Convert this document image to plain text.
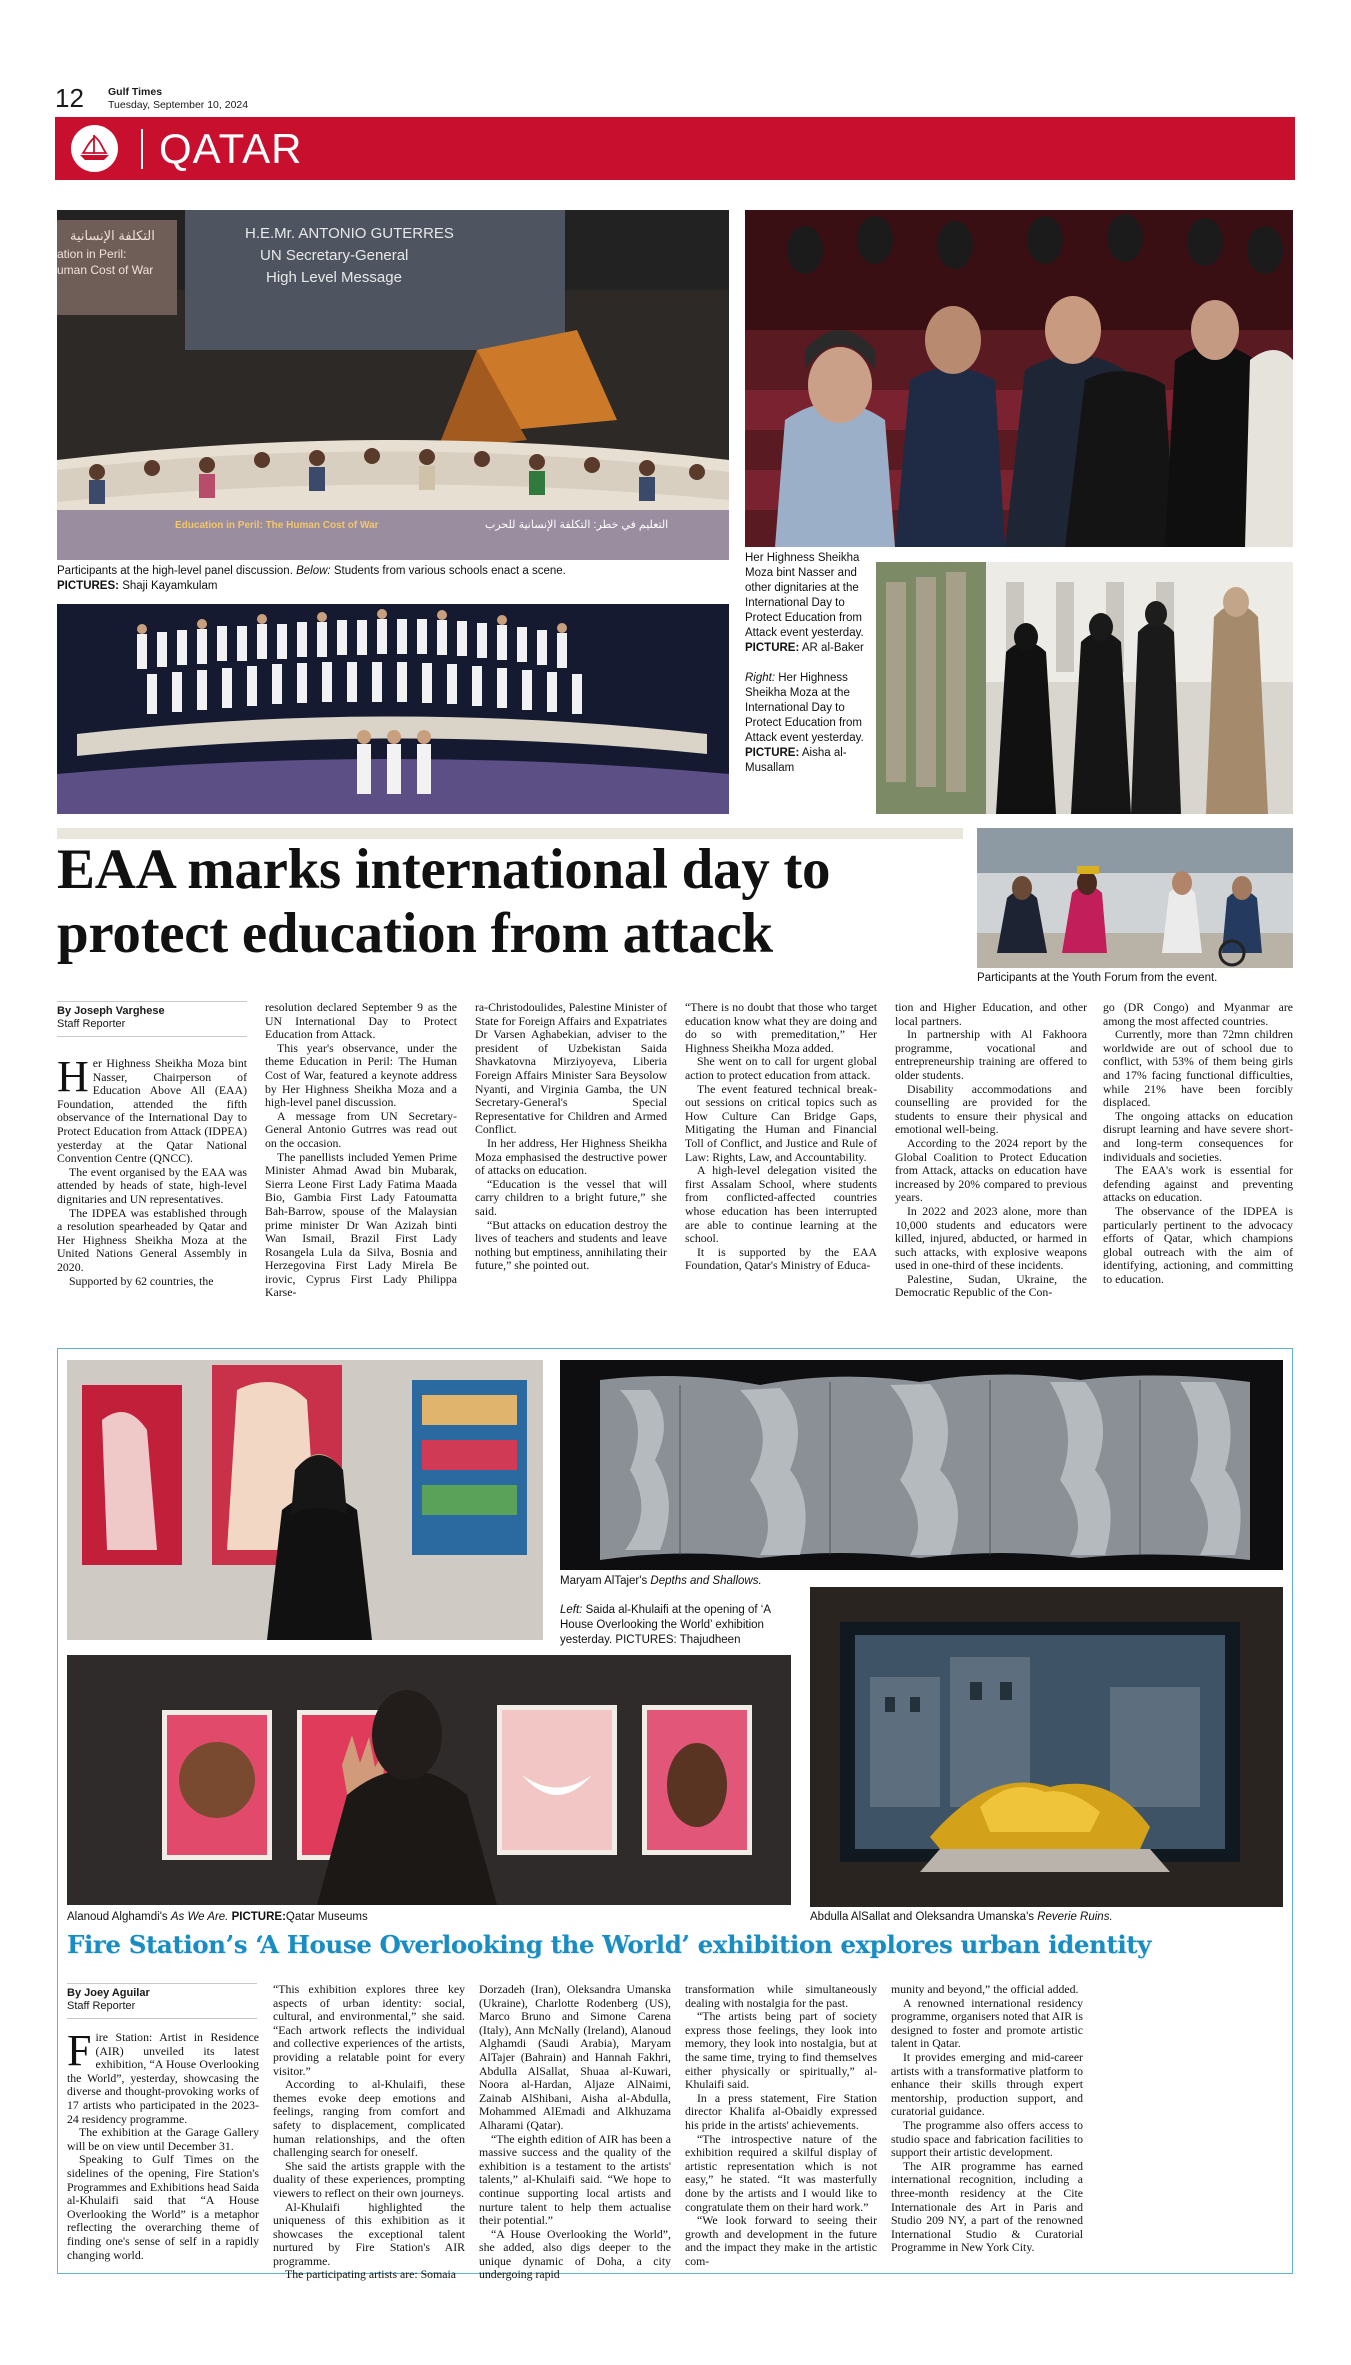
12 Gulf Times
Tuesday, September 10, 2024
QATAR
H.E.Mr. ANTONIO GUTERRES
UN Secretary-General
High Level Message
التكلفة الإنسانية
ation in Peril:
uman Cost of War
Education in Peril: The Human Cost of War	التعليم في خطر: التكلفة الإنسانية للحرب
Participants at the high-level panel discussion. Below: Students from various schools enact a scene.
PICTURES: Shaji Kayamkulam
Her Highness Sheikha Moza bint Nasser and other dignitaries at the International Day to Protect Education from Attack event yesterday. PICTURE: AR al-Baker

Right: Her Highness Sheikha Moza at the International Day to Protect Education from Attack event yesterday. PICTURE: Aisha al-Musallam
EAA marks international day to protect education from attack
Participants at the Youth Forum from the event.
By Joseph Varghese
Staff Reporter
H er Highness Sheikha Moza bint Nasser, Chairperson of Education Above All (EAA) Foundation, attended the fifth observance of the International Day to Protect Education from Attack (IDPEA) yesterday at the Qatar National Convention Centre (QNCC).

The event organised by the EAA was attended by heads of state, high-level dignitaries and UN representatives.

The IDPEA was established through a resolution spearheaded by Qatar and Her Highness Sheikha Moza at the United Nations General Assembly in 2020.

Supported by 62 countries, the

resolution declared September 9 as the UN International Day to Protect Education from Attack.

This year's observance, under the theme Education in Peril: The Human Cost of War, featured a keynote address by Her Highness Sheikha Moza and a high-level panel discussion.

A message from UN Secretary-General Antonio Gutrres was read out on the occasion.

The panellists included Yemen Prime Minister Ahmad Awad bin Mubarak, Sierra Leone First Lady Fatima Maada Bio, Gambia First Lady Fatoumatta Bah-Barrow, spouse of the Malaysian prime minister Dr Wan Azizah binti Wan Ismail, Brazil First Lady Rosangela Lula da Silva, Bosnia and Herzegovina First Lady Mirela Be irovic, Cyprus First Lady Philippa Karse-

ra-Christodoulides, Palestine Minister of State for Foreign Affairs and Expatriates Dr Varsen Aghabekian, adviser to the president of Uzbekistan Saida Shavkatovna Mirziyoyeva, Liberia Foreign Affairs Minister Sara Beysolow Nyanti, and Virginia Gamba, the UN Secretary-General's Special Representative for Children and Armed Conflict.

In her address, Her Highness Sheikha Moza emphasised the destructive power of attacks on education.

“Education is the vessel that will carry children to a bright future,” she said.

“But attacks on education destroy the lives of teachers and students and leave nothing but emptiness, annihilating their future,” she pointed out.

“There is no doubt that those who target education know what they are doing and do so with premeditation,” Her Highness Sheikha Moza added.

She went on to call for urgent global action to protect education from attack.

The event featured technical break-out sessions on critical topics such as How Culture Can Bridge Gaps, Mitigating the Human and Financial Toll of Conflict, and Justice and Rule of Law: Rights, Law, and Accountability.

A high-level delegation visited the first Assalam School, where students from conflicted-affected countries whose education has been interrupted are able to continue learning at the school.

It is supported by the EAA Foundation, Qatar's Ministry of Educa-

tion and Higher Education, and other local partners.

In partnership with Al Fakhoora programme, vocational and entrepreneurship training are offered to older students.

Disability accommodations and counselling are provided for the students to ensure their physical and emotional well-being.

According to the 2024 report by the Global Coalition to Protect Education from Attack, attacks on education have increased by 20% compared to previous years.

In 2022 and 2023 alone, more than 10,000 students and educators were killed, injured, abducted, or harmed in such attacks, with explosive weapons used in one-third of these incidents.

Palestine, Sudan, Ukraine, the Democratic Republic of the Con-

go (DR Congo) and Myanmar are among the most affected countries.

Currently, more than 72mn children worldwide are out of school due to conflict, with 53% of them being girls and 17% facing functional difficulties, while 21% have been forcibly displaced.

The ongoing attacks on education disrupt learning and have severe short- and long-term consequences for individuals and societies.

The EAA's work is essential for defending against and preventing attacks on education.

The observance of the IDPEA is particularly pertinent to the advocacy efforts of Qatar, which champions global outreach with the aim of identifying, actioning, and committing to education.

Maryam AlTajer's Depths and Shallows.
Left: Saida al-Khulaifi at the opening of ‘A House Overlooking the World’ exhibition yesterday. PICTURES: Thajudheen
Alanoud Alghamdi's As We Are. PICTURE:Qatar Museums	Abdulla AlSallat and Oleksandra Umanska's Reverie Ruins.
Fire Station’s ‘A House Overlooking the World’ exhibition explores urban identity
By Joey Aguilar
Staff Reporter
F ire Station: Artist in Residence (AIR) unveiled its latest exhibition, “A House Overlooking the World”, yesterday, showcasing the diverse and thought-provoking works of 17 artists who participated in the 2023-24 residency programme.

The exhibition at the Garage Gallery will be on view until December 31.

Speaking to Gulf Times on the sidelines of the opening, Fire Station's Programmes and Exhibitions head Saida al-Khulaifi said that “A House Overlooking the World” is a metaphor reflecting the overarching theme of finding one's sense of self in a rapidly changing world.

“This exhibition explores three key aspects of urban identity: social, cultural, and environmental,” she said. “Each artwork reflects the individual and collective experiences of the artists, providing a relatable point for every visitor.”

According to al-Khulaifi, these themes evoke deep emotions and feelings, ranging from comfort and safety to displacement, complicated human relationships, and the often challenging search for oneself.

She said the artists grapple with the duality of these experiences, prompting viewers to reflect on their own journeys.

Al-Khulaifi highlighted the uniqueness of this exhibition as it showcases the exceptional talent nurtured by Fire Station's AIR programme.

The participating artists are: Somaia

Dorzadeh (Iran), Oleksandra Umanska (Ukraine), Charlotte Rodenberg (US), Marco Bruno and Simone Carena (Italy), Ann McNally (Ireland), Alanoud Alghamdi (Saudi Arabia), Maryam AlTajer (Bahrain) and Hannah Fakhri, Abdulla AlSallat, Shuaa al-Kuwari, Noora al-Hardan, Aljaze AlNaimi, Zainab AlShibani, Aisha al-Abdulla, Mohammed AlEmadi and Alkhuzama Alharami (Qatar).

“The eighth edition of AIR has been a massive success and the quality of the exhibition is a testament to the artists' talents,” al-Khulaifi said. “We hope to continue supporting local artists and nurture talent to help them actualise their potential.”

“A House Overlooking the World”, she added, also digs deeper to the unique dynamic of Doha, a city undergoing rapid

transformation while simultaneously dealing with nostalgia for the past.

“The artists being part of society express those feelings, they look into memory, they look into nostalgia, but at the same time, trying to find themselves either physically or spiritually,” al-Khulaifi said.

In a press statement, Fire Station director Khalifa al-Obaidly expressed his pride in the artists' achievements.

“The introspective nature of the exhibition required a skilful display of artistic representation which is not easy,” he stated. “It was masterfully done by the artists and I would like to congratulate them on their hard work.”

“We look forward to seeing their growth and development in the future and the impact they make in the artistic com-

munity and beyond,” the official added.

A renowned international residency programme, organisers noted that AIR is designed to foster and promote artistic talent in Qatar.

It provides emerging and mid-career artists with a transformative platform to enhance their skills through expert mentorship, production support, and curatorial guidance.

The programme also offers access to studio space and fabrication facilities to support their artistic development.

The AIR programme has earned international recognition, including a three-month residency at the Cite Internationale des Art in Paris and Studio 209 NY, a part of the renowned International Studio & Curatorial Programme in New York City.
